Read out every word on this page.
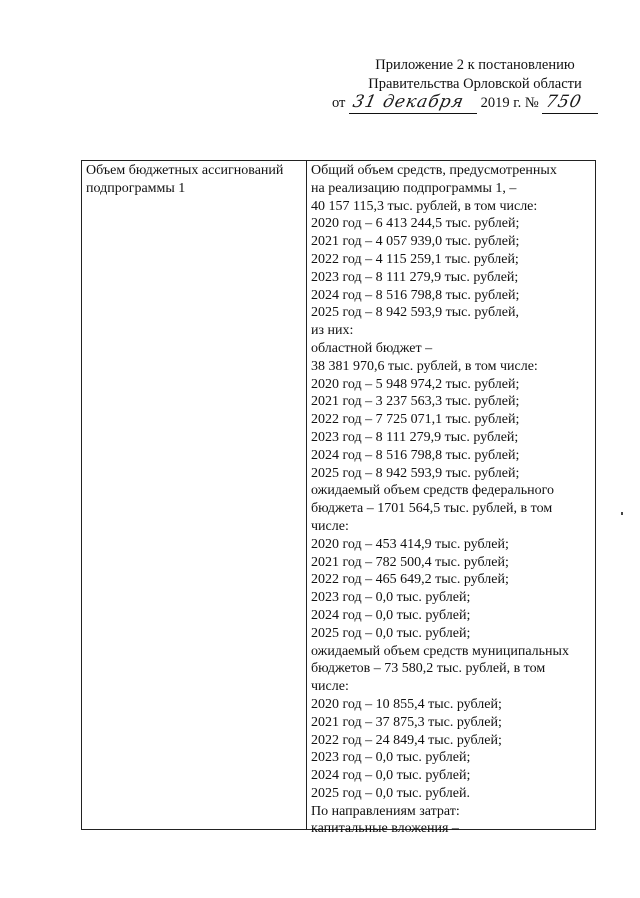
Приложение 2 к постановлению
Правительства Орловской области
от 31 декабря 2019 г. № 750

Объем бюджетных ассигнований подпрограммы 1
Общий объем средств, предусмотренных
на реализацию подпрограммы 1, –
40 157 115,3 тыс. рублей, в том числе:
2020 год – 6 413 244,5 тыс. рублей;
2021 год – 4 057 939,0 тыс. рублей;
2022 год – 4 115 259,1 тыс. рублей;
2023 год – 8 111 279,9 тыс. рублей;
2024 год – 8 516 798,8 тыс. рублей;
2025 год – 8 942 593,9 тыс. рублей,
из них:
областной бюджет –
38 381 970,6 тыс. рублей, в том числе:
2020 год – 5 948 974,2 тыс. рублей;
2021 год – 3 237 563,3 тыс. рублей;
2022 год – 7 725 071,1 тыс. рублей;
2023 год – 8 111 279,9 тыс. рублей;
2024 год – 8 516 798,8 тыс. рублей;
2025 год – 8 942 593,9 тыс. рублей;
ожидаемый объем средств федерального
бюджета – 1701 564,5 тыс. рублей, в том
числе:
2020 год – 453 414,9 тыс. рублей;
2021 год – 782 500,4 тыс. рублей;
2022 год – 465 649,2 тыс. рублей;
2023 год – 0,0 тыс. рублей;
2024 год – 0,0 тыс. рублей;
2025 год – 0,0 тыс. рублей;
ожидаемый объем средств муниципальных
бюджетов – 73 580,2 тыс. рублей, в том
числе:
2020 год – 10 855,4 тыс. рублей;
2021 год – 37 875,3 тыс. рублей;
2022 год – 24 849,4 тыс. рублей;
2023 год – 0,0 тыс. рублей;
2024 год – 0,0 тыс. рублей;
2025 год – 0,0 тыс. рублей.
По направлениям затрат:
капитальные вложения –
